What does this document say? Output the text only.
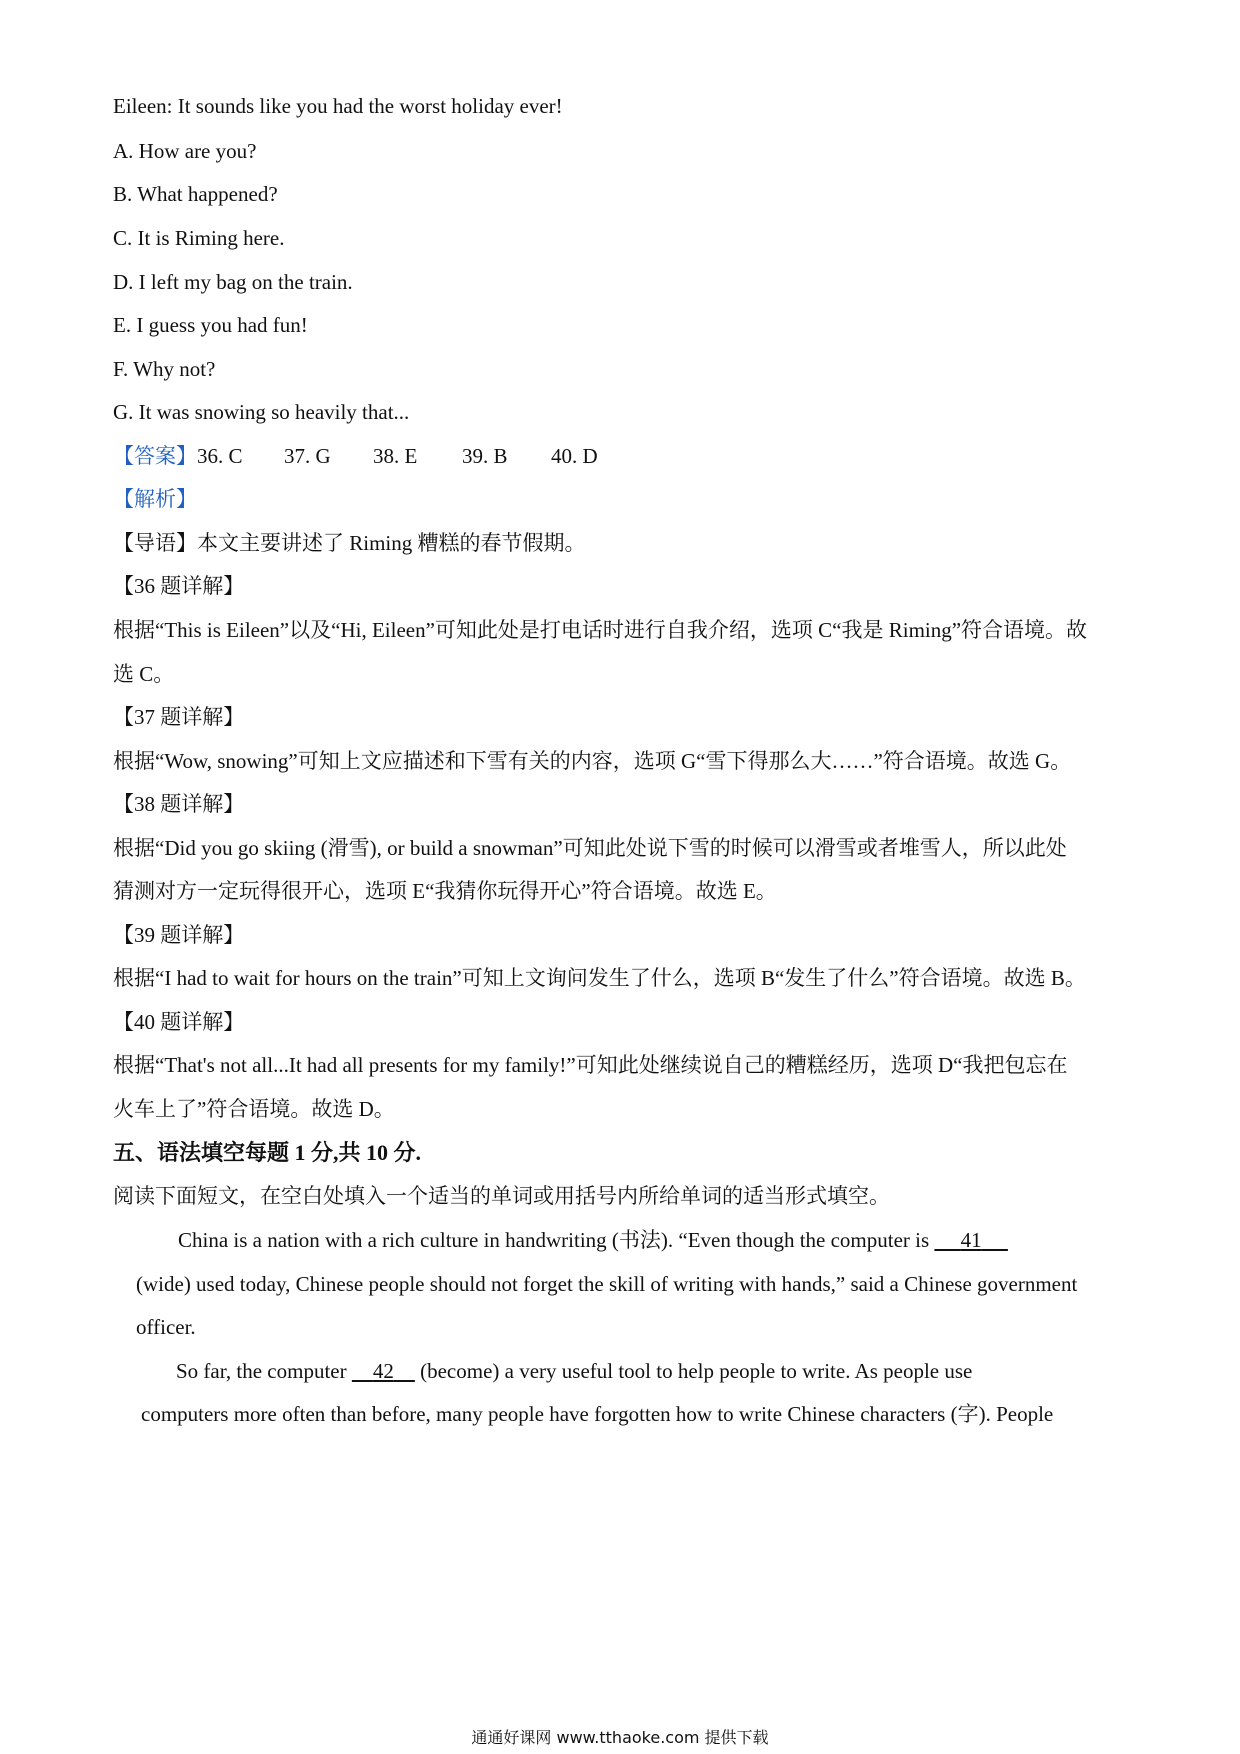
Eileen: It sounds like you had the worst holiday ever!
A. How are you?
B. What happened?
C. It is Riming here.
D. I left my bag on the train.
E. I guess you had fun!
F. Why not?
G. It was snowing so heavily that...
【答案】36. C 37. G 38. E 39. B 40. D
【解析】
【导语】本文主要讲述了 Riming 糟糕的春节假期。
【36 题详解】
根据“This is Eileen”以及“Hi, Eileen”可知此处是打电话时进行自我介绍，选项 C“我是 Riming”符合语境。故
选 C。
【37 题详解】
根据“Wow, snowing”可知上文应描述和下雪有关的内容，选项 G“雪下得那么大……”符合语境。故选 G。
【38 题详解】
根据“Did you go skiing (滑雪), or build a snowman”可知此处说下雪的时候可以滑雪或者堆雪人，所以此处
猜测对方一定玩得很开心，选项 E“我猜你玩得开心”符合语境。故选 E。
【39 题详解】
根据“I had to wait for hours on the train”可知上文询问发生了什么，选项 B“发生了什么”符合语境。故选 B。
【40 题详解】
根据“That's not all...It had all presents for my family!”可知此处继续说自己的糟糕经历，选项 D“我把包忘在
火车上了”符合语境。故选 D。
五、语法填空每题 1 分,共 10 分.
阅读下面短文，在空白处填入一个适当的单词或用括号内所给单词的适当形式填空。
China is a nation with a rich culture in handwriting (书法). “Even though the computer is      41
(wide) used today, Chinese people should not forget the skill of writing with hands,” said a Chinese government
officer.
So far, the computer     42     (become) a very useful tool to help people to write. As people use
computers more often than before, many people have forgotten how to write Chinese characters (字). People
通通好课网 www.tthaoke.com 提供下载
